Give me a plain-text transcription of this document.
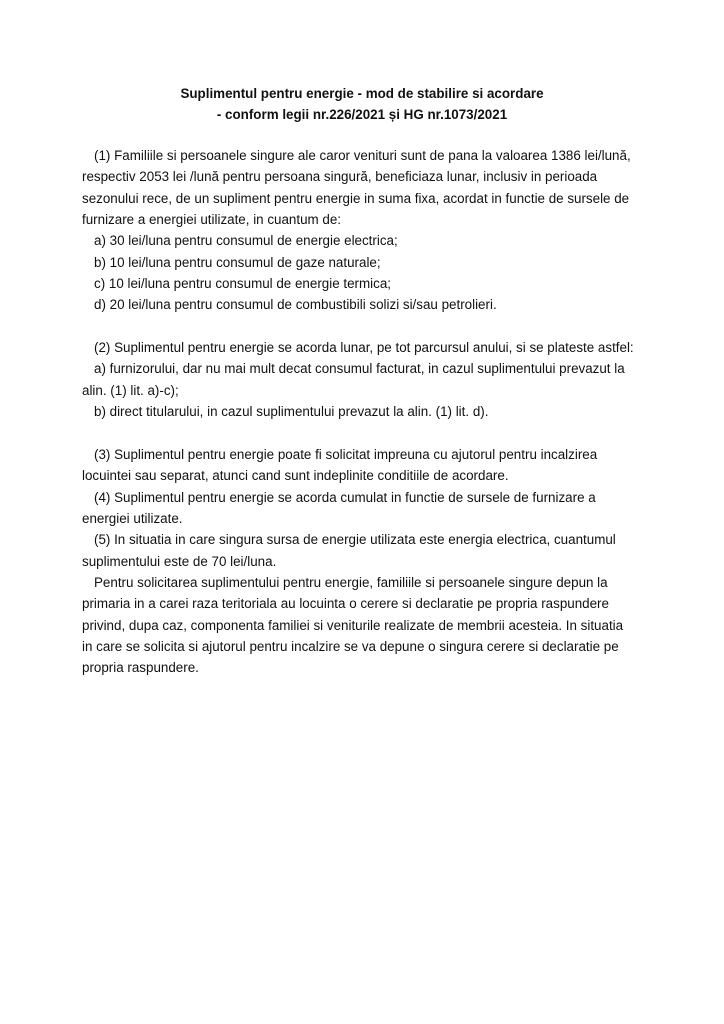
Suplimentul pentru energie - mod de stabilire si acordare
- conform legii nr.226/2021 și HG nr.1073/2021
(1) Familiile si persoanele singure ale caror venituri sunt de pana la valoarea 1386 lei/lună,
respectiv 2053 lei /lună pentru persoana singură, beneficiaza lunar, inclusiv in perioada
sezonului rece, de un supliment pentru energie in suma fixa, acordat in functie de sursele de
furnizare a energiei utilizate, in cuantum de:
a) 30 lei/luna pentru consumul de energie electrica;
b) 10 lei/luna pentru consumul de gaze naturale;
c) 10 lei/luna pentru consumul de energie termica;
d) 20 lei/luna pentru consumul de combustibili solizi si/sau petrolieri.
(2) Suplimentul pentru energie se acorda lunar, pe tot parcursul anului, si se plateste astfel:
a) furnizorului, dar nu mai mult decat consumul facturat, in cazul suplimentului prevazut la
alin. (1) lit. a)-c);
b) direct titularului, in cazul suplimentului prevazut la alin. (1) lit. d).
(3) Suplimentul pentru energie poate fi solicitat impreuna cu ajutorul pentru incalzirea
locuintei sau separat, atunci cand sunt indeplinite conditiile de acordare.
(4) Suplimentul pentru energie se acorda cumulat in functie de sursele de furnizare a
energiei utilizate.
(5) In situatia in care singura sursa de energie utilizata este energia electrica, cuantumul
suplimentului este de 70 lei/luna.
Pentru solicitarea suplimentului pentru energie, familiile si persoanele singure depun la
primaria in a carei raza teritoriala au locuinta o cerere si declaratie pe propria raspundere
privind, dupa caz, componenta familiei si veniturile realizate de membrii acesteia. In situatia
in care se solicita si ajutorul pentru incalzire se va depune o singura cerere si declaratie pe
propria raspundere.
